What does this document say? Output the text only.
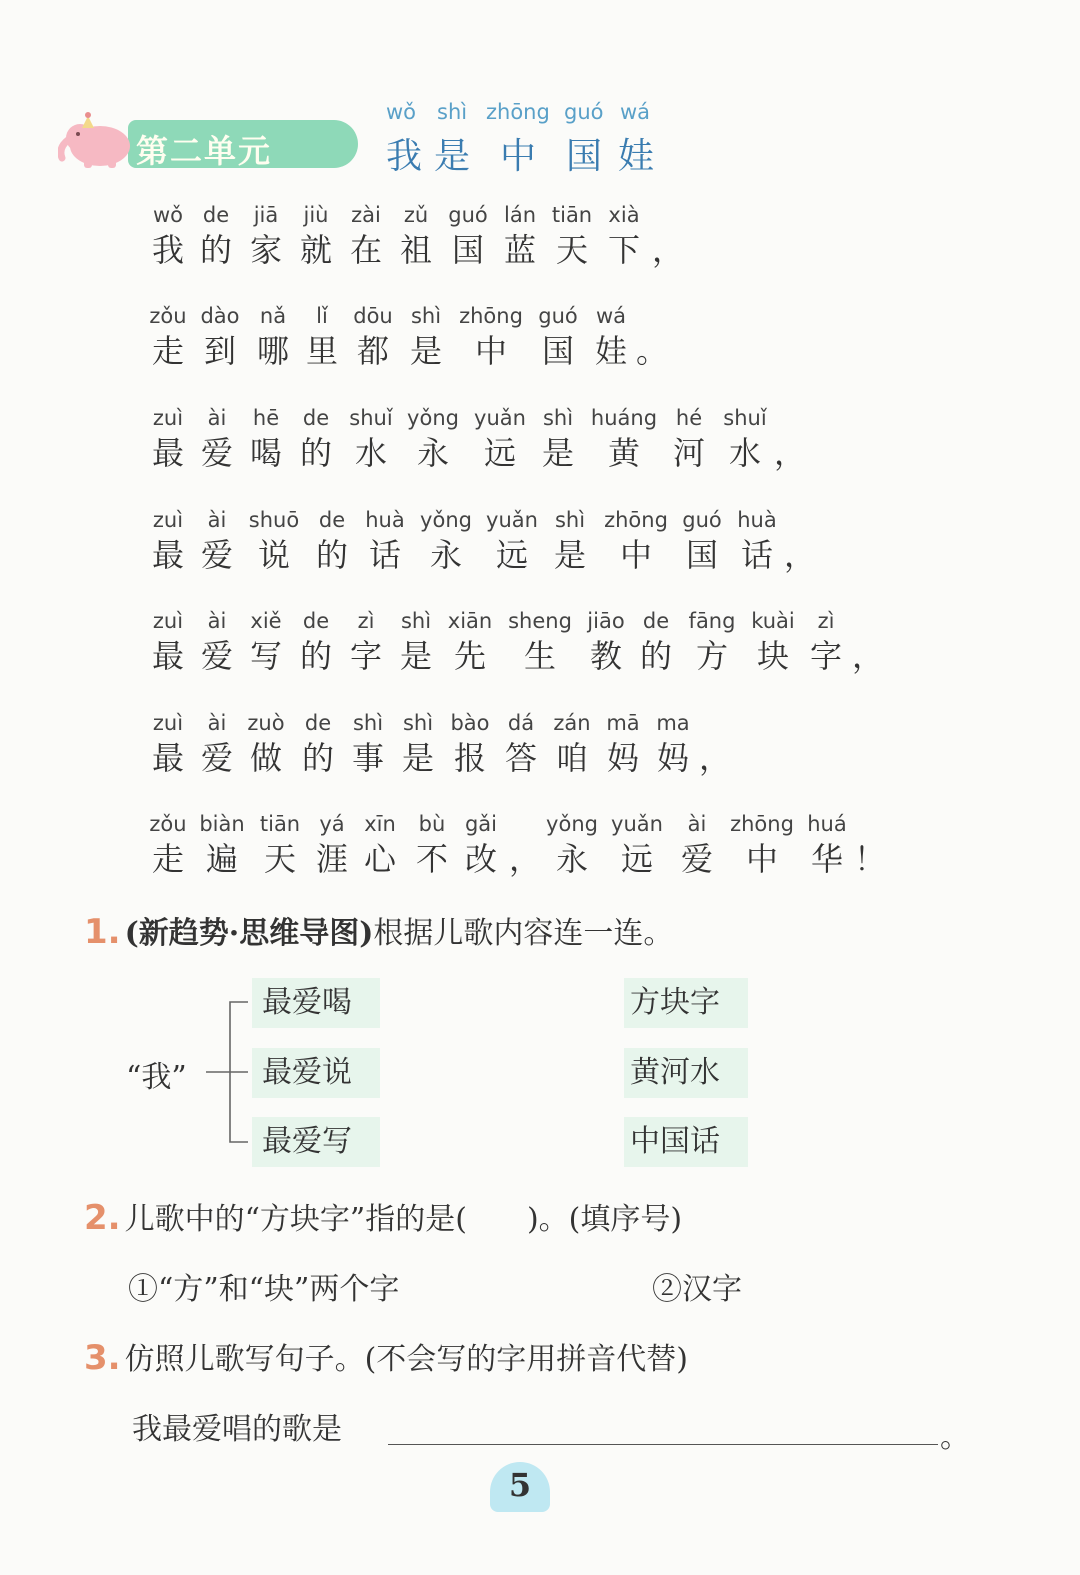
第二单元
wǒ
我
shì
是
zhōng
中
guó
国
wá
娃
wǒ
我
de
的
jiā
家
jiù
就
zài
在
zǔ
祖
guó
国
lán
蓝
tiān
天
xià
下 ，
zǒu
走
dào
到
nǎ
哪
lǐ
里
dōu
都
shì
是
zhōng
中
guó
国
wá
娃 。
zuì
最
ài
爱
hē
喝
de
的
shuǐ
水
yǒng
永
yuǎn
远
shì
是
huáng
黄
hé
河
shuǐ
水 ，
zuì
最
ài
爱
shuō
说
de
的
huà
话
yǒng
永
yuǎn
远
shì
是
zhōng
中
guó
国
huà
话 ，
zuì
最
ài
爱
xiě
写
de
的
zì
字
shì
是
xiān
先
sheng
生
jiāo
教
de
的
fāng
方
kuài
块
zì
字 ，
zuì
最
ài
爱
zuò
做
de
的
shì
事
shì
是
bào
报
dá
答
zán
咱
mā
妈
ma
妈 ，
zǒu
走
biàn
遍
tiān
天
yá
涯
xīn
心
bù
不
gǎi
改 ，
yǒng
永
yuǎn
远
ài
爱
zhōng
中
huá
华 ！
1. (新趋势·思维导图)根据儿歌内容连一连。
“我”
最爱喝
最爱说
最爱写
方块字
黄河水
中国话
2. 儿歌中的“方块字”指的是(　　)。(填序号)
①“方”和“块”两个字	②汉字
3. 仿照儿歌写句子。(不会写的字用拼音代替)
我最爱唱的歌是	。
5
